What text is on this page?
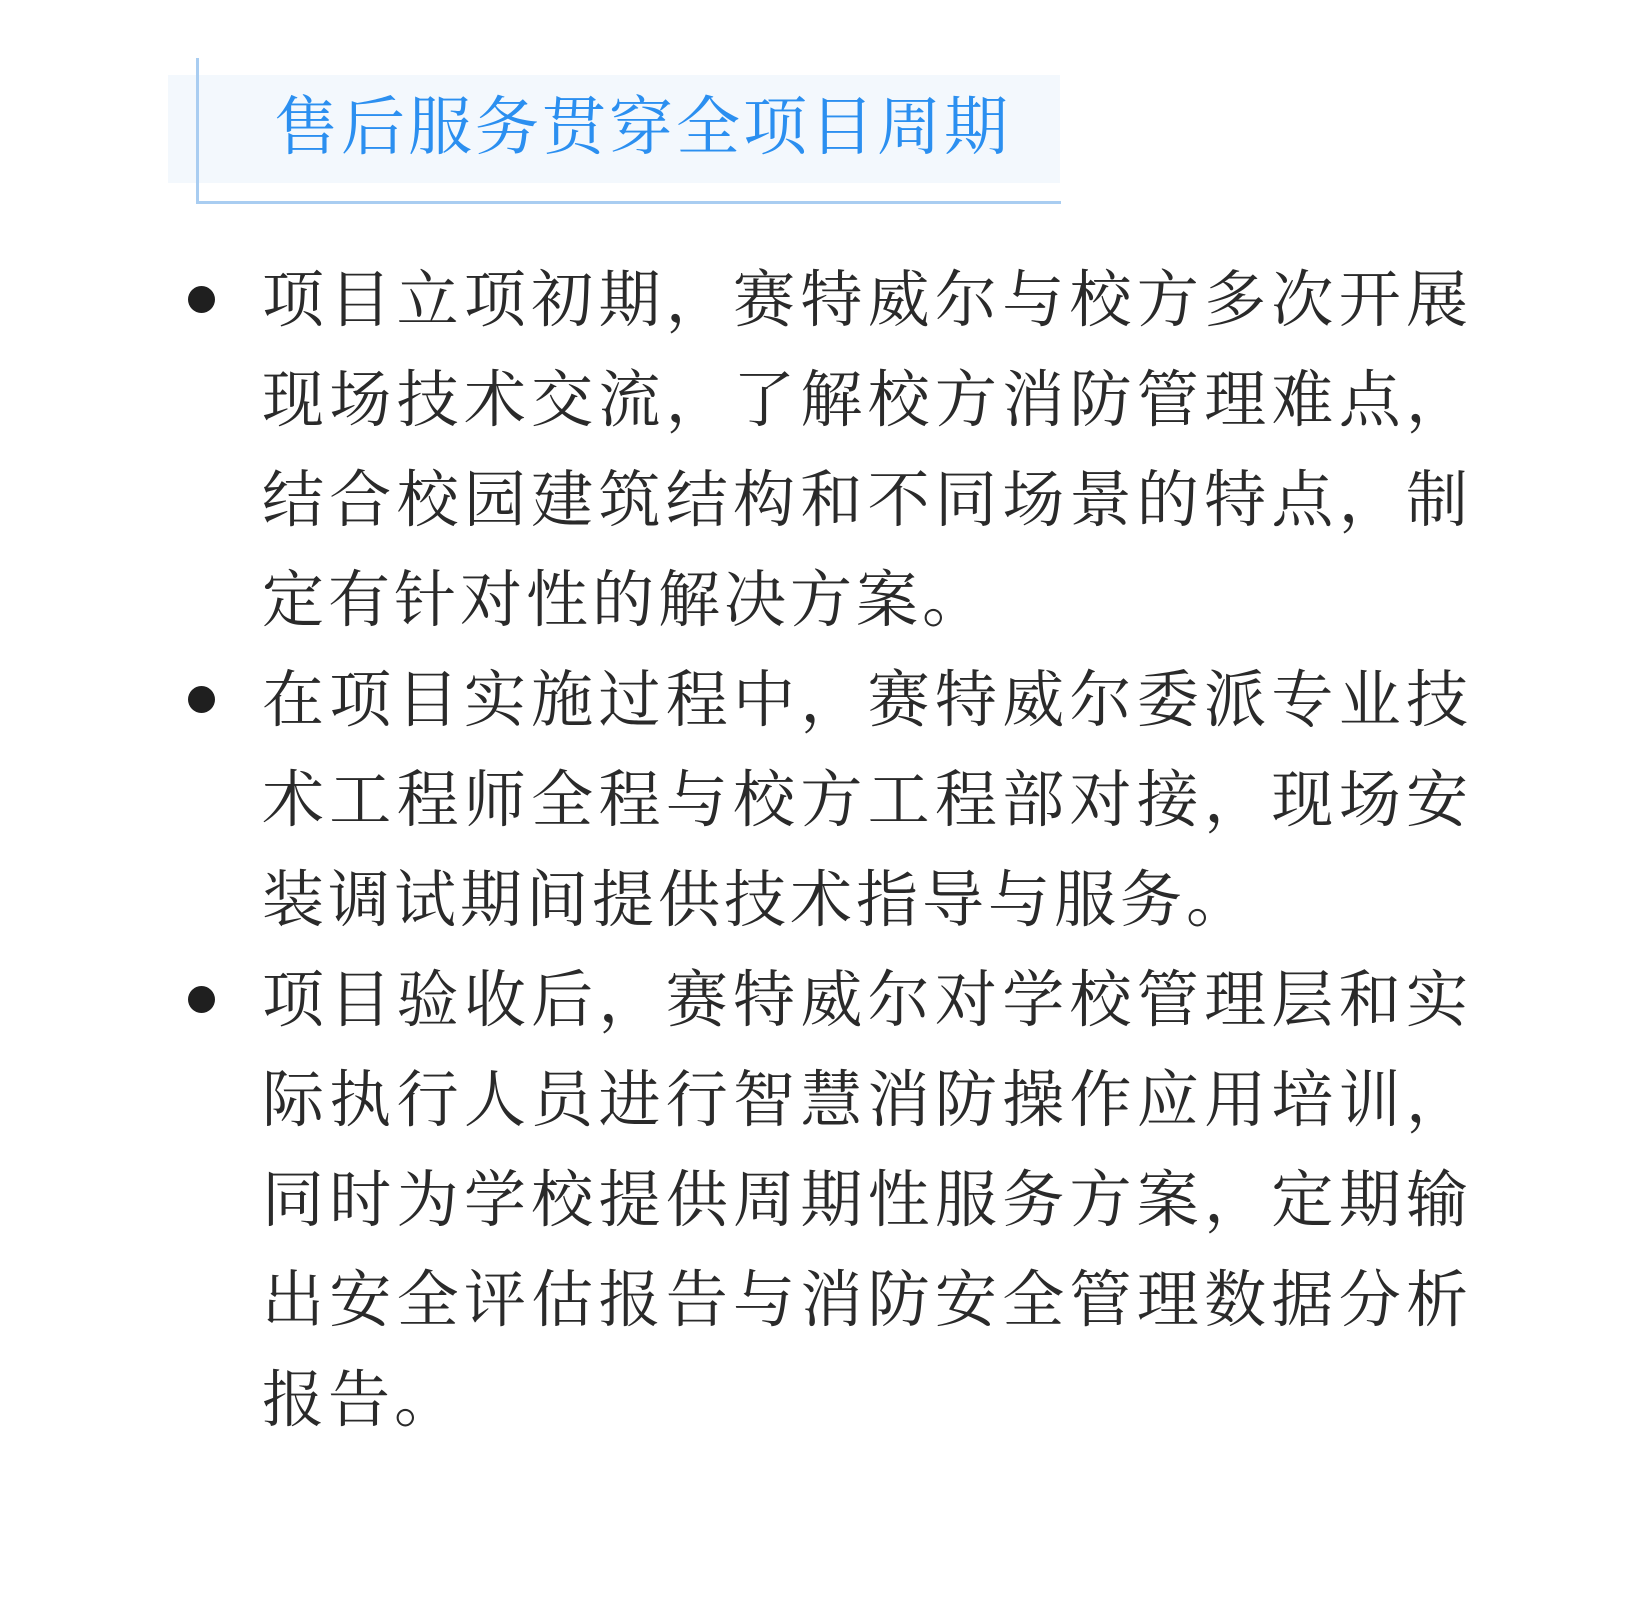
售后服务贯穿全项目周期
项目立项初期，赛特威尔与校方多次开展现场技术交流，了解校方消防管理难点，结合校园建筑结构和不同场景的特点，制定有针对性的解决方案。
在项目实施过程中，赛特威尔委派专业技术工程师全程与校方工程部对接，现场安装调试期间提供技术指导与服务。
项目验收后，赛特威尔对学校管理层和实际执行人员进行智慧消防操作应用培训，同时为学校提供周期性服务方案，定期输出安全评估报告与消防安全管理数据分析报告。
